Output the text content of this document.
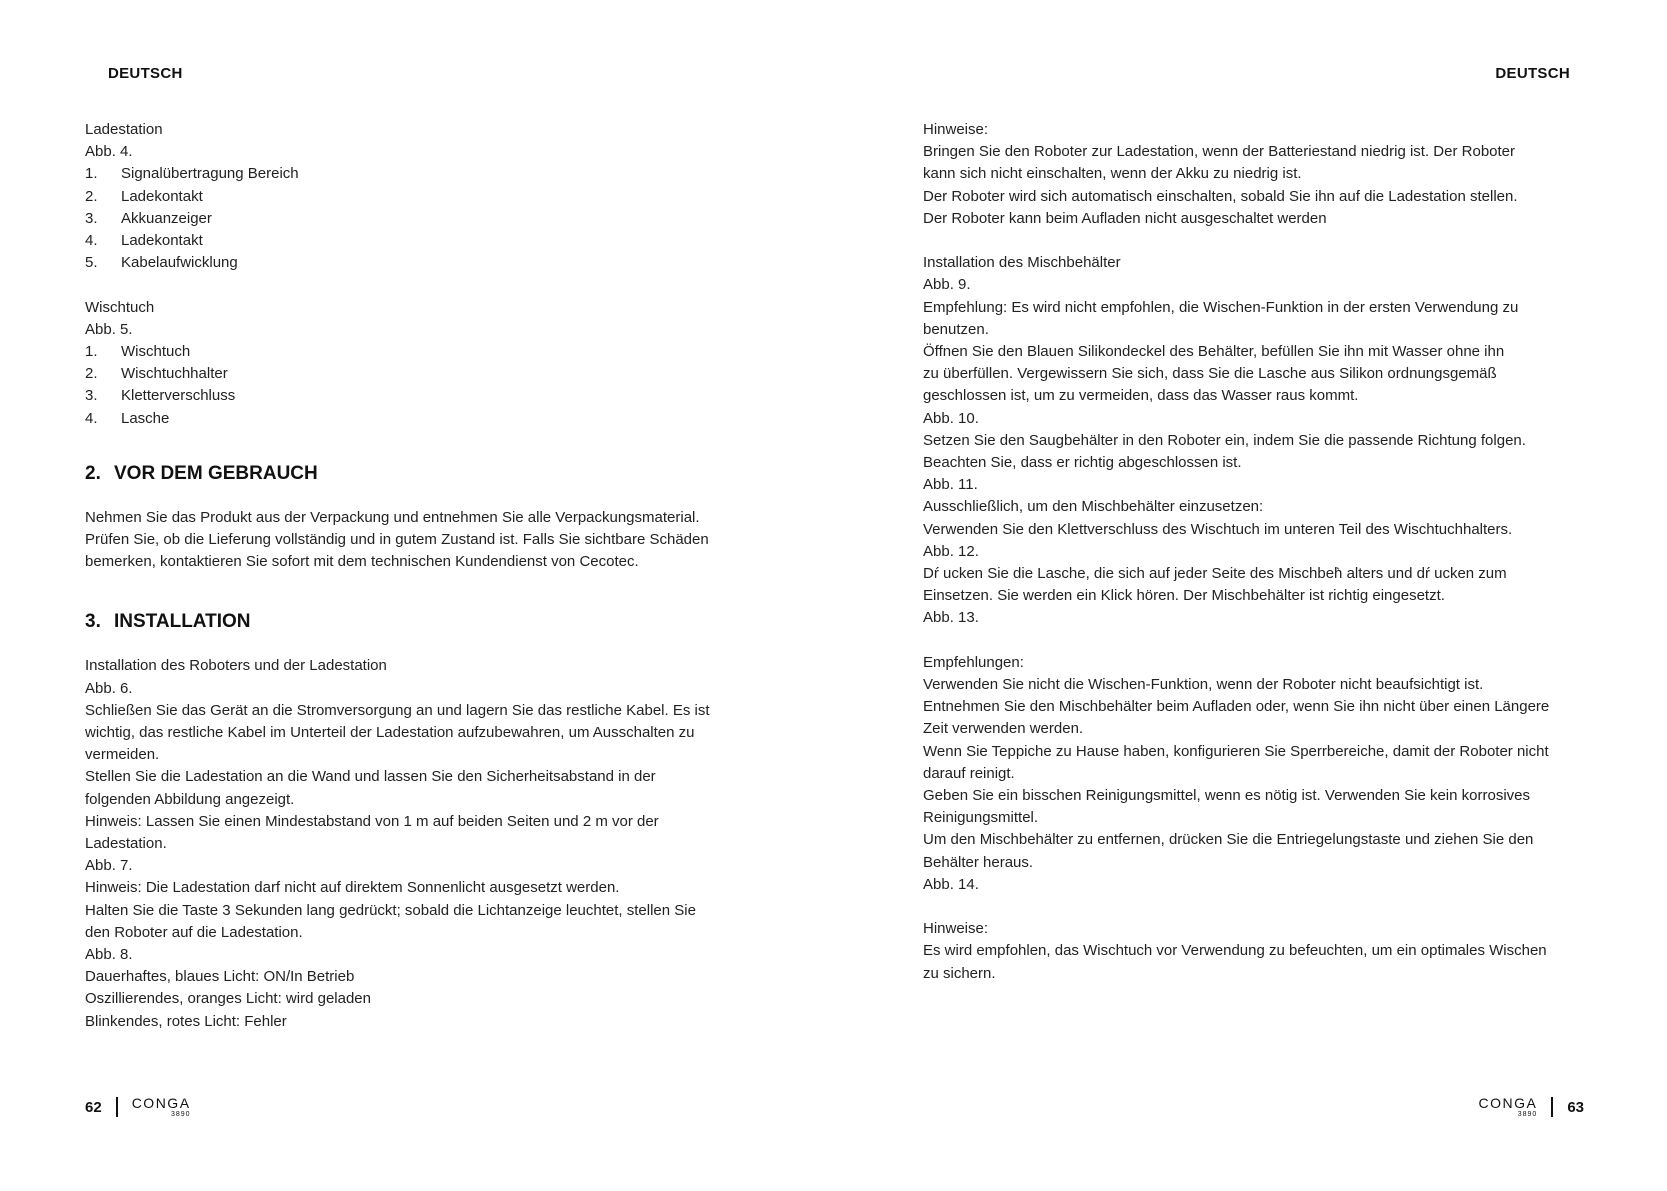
DEUTSCH
Ladestation
Abb. 4.
1.	Signalübertragung Bereich
2.	Ladekontakt
3.	Akkuanzeiger
4.	Ladekontakt
5.	Kabelaufwicklung
Wischtuch
Abb. 5.
1.	Wischtuch
2.	Wischtuchhalter
3.	Kletterverschluss
4.	Lasche
2. VOR DEM GEBRAUCH
Nehmen Sie das Produkt aus der Verpackung und entnehmen Sie alle Verpackungsmaterial.
Prüfen Sie, ob die Lieferung vollständig und in gutem Zustand ist. Falls Sie sichtbare Schäden
bemerken, kontaktieren Sie sofort mit dem technischen Kundendienst von Cecotec.
3. INSTALLATION
Installation des Roboters und der Ladestation
Abb. 6.
Schließen Sie das Gerät an die Stromversorgung an und lagern Sie das restliche Kabel. Es ist
wichtig, das restliche Kabel im Unterteil der Ladestation aufzubewahren, um Ausschalten zu
vermeiden.
Stellen Sie die Ladestation an die Wand und lassen Sie den Sicherheitsabstand in der
folgenden Abbildung angezeigt.
Hinweis: Lassen Sie einen Mindestabstand von 1 m auf beiden Seiten und 2 m vor der
Ladestation.
Abb. 7.
Hinweis: Die Ladestation darf nicht auf direktem Sonnenlicht ausgesetzt werden.
Halten Sie die Taste 3 Sekunden lang gedrückt; sobald die Lichtanzeige leuchtet, stellen Sie
den Roboter auf die Ladestation.
Abb. 8.
Dauerhaftes, blaues Licht: ON/In Betrieb
Oszillierendes, oranges Licht: wird geladen
Blinkendes, rotes Licht: Fehler
62 CONGA
3890
DEUTSCH
Hinweise:
Bringen Sie den Roboter zur Ladestation, wenn der Batteriestand niedrig ist. Der Roboter
kann sich nicht einschalten, wenn der Akku zu niedrig ist.
Der Roboter wird sich automatisch einschalten, sobald Sie ihn auf die Ladestation stellen.
Der Roboter kann beim Aufladen nicht ausgeschaltet werden
Installation des Mischbehälter
Abb. 9.
Empfehlung: Es wird nicht empfohlen, die Wischen-Funktion in der ersten Verwendung zu
benutzen.
Öffnen Sie den Blauen Silikondeckel des Behälter, befüllen Sie ihn mit Wasser ohne ihn
zu überfüllen. Vergewissern Sie sich, dass Sie die Lasche aus Silikon ordnungsgemäß
geschlossen ist, um zu vermeiden, dass das Wasser raus kommt.
Abb. 10.
Setzen Sie den Saugbehälter in den Roboter ein, indem Sie die passende Richtung folgen.
Beachten Sie, dass er richtig abgeschlossen ist.
Abb. 11.
Ausschließlich, um den Mischbehälter einzusetzen:
Verwenden Sie den Klettverschluss des Wischtuch im unteren Teil des Wischtuchhalters.
Abb. 12.
Dŕ ucken Sie die Lasche, die sich auf jeder Seite des Mischbeh̀ alters und dŕ ucken zum
Einsetzen. Sie werden ein Klick hören. Der Mischbehälter ist richtig eingesetzt.
Abb. 13.
Empfehlungen:
Verwenden Sie nicht die Wischen-Funktion, wenn der Roboter nicht beaufsichtigt ist.
Entnehmen Sie den Mischbehälter beim Aufladen oder, wenn Sie ihn nicht über einen Längere
Zeit verwenden werden.
Wenn Sie Teppiche zu Hause haben, konfigurieren Sie Sperrbereiche, damit der Roboter nicht
darauf reinigt.
Geben Sie ein bisschen Reinigungsmittel, wenn es nötig ist. Verwenden Sie kein korrosives
Reinigungsmittel.
Um den Mischbehälter zu entfernen, drücken Sie die Entriegelungstaste und ziehen Sie den
Behälter heraus.
Abb. 14.
Hinweise:
Es wird empfohlen, das Wischtuch vor Verwendung zu befeuchten, um ein optimales Wischen
zu sichern.
CONGA
3890 63
